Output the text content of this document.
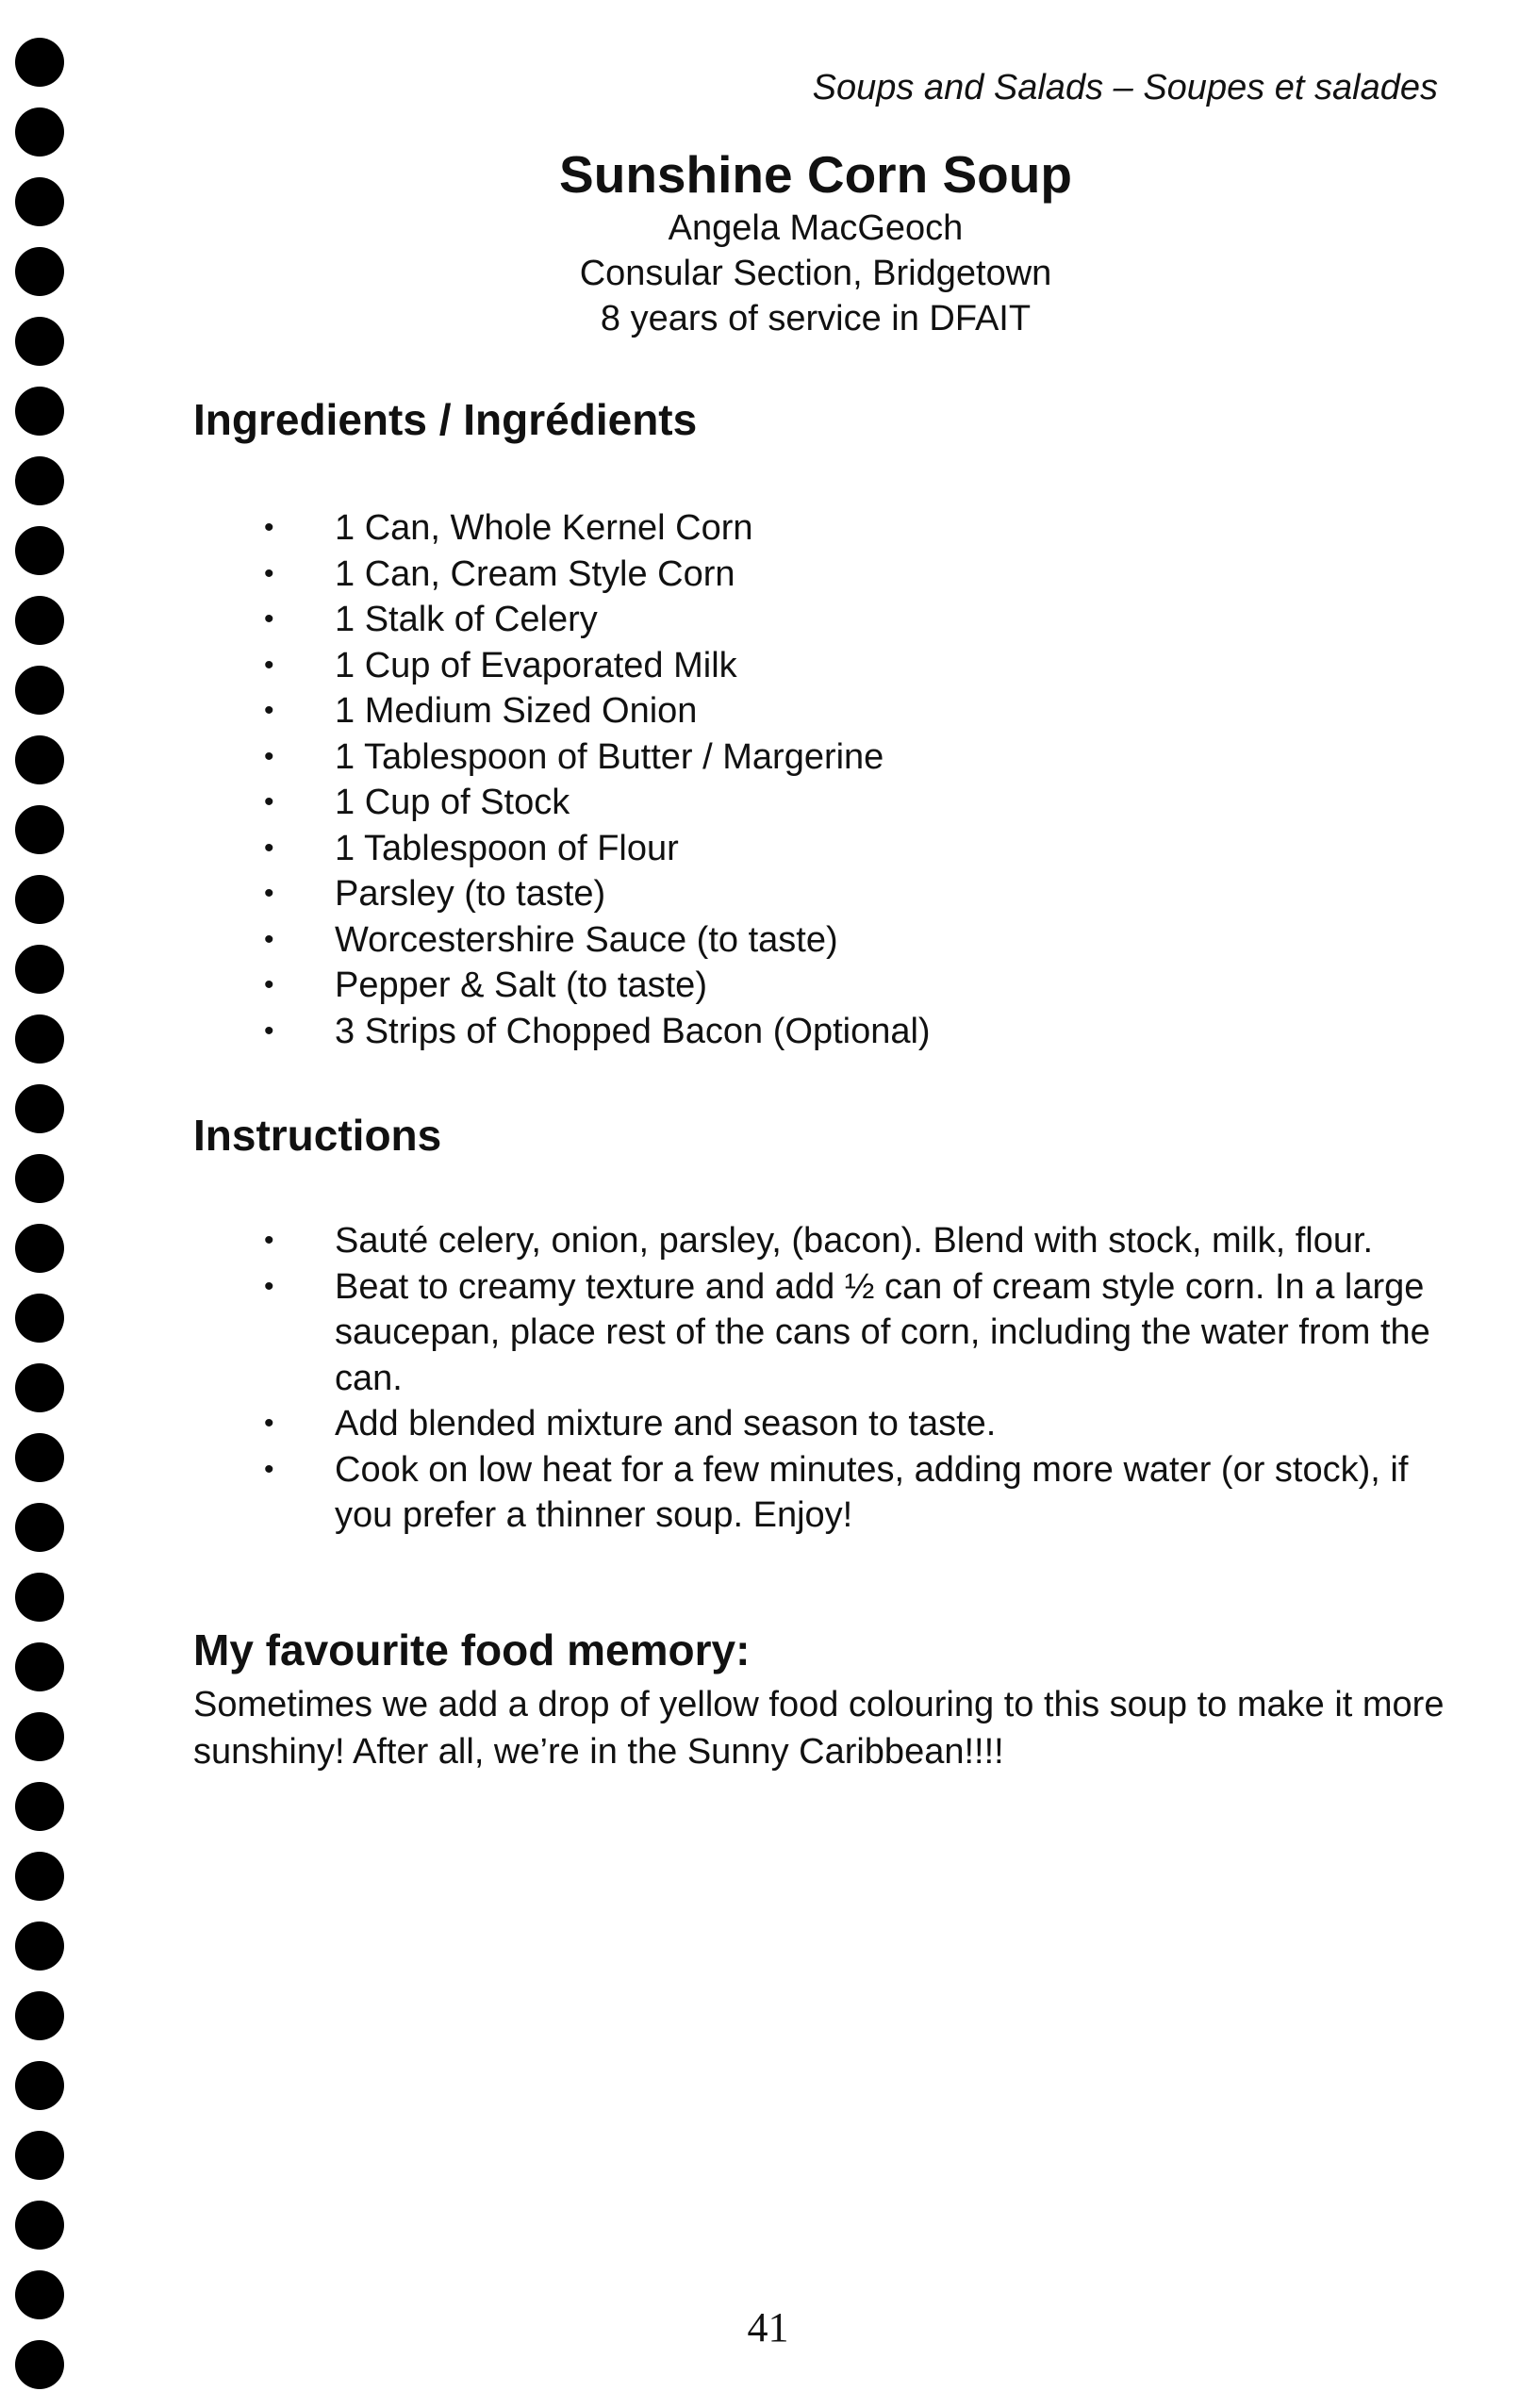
Soups and Salads – Soupes et salades
Sunshine Corn Soup

Angela MacGeoch

Consular Section, Bridgetown

8 years of service in DFAIT

Ingredients / Ingrédients
• 1 Can, Whole Kernel Corn
• 1 Can, Cream Style Corn
• 1 Stalk of Celery
• 1 Cup of Evaporated Milk
• 1 Medium Sized Onion
• 1 Tablespoon of Butter / Margerine
• 1 Cup of Stock
• 1 Tablespoon of Flour
• Parsley (to taste)
• Worcestershire Sauce (to taste)
• Pepper & Salt (to taste)
• 3 Strips of Chopped Bacon (Optional)
Instructions
• Sauté celery, onion, parsley, (bacon). Blend with stock, milk, flour.
• Beat to creamy texture and add ½ can of cream style corn. In a large saucepan, place rest of the cans of corn, including the water from the can.
• Add blended mixture and season to taste.
• Cook on low heat for a few minutes, adding more water (or stock), if you prefer a thinner soup. Enjoy!
My favourite food memory:

Sometimes we add a drop of yellow food colouring to this soup to make it more sunshiny! After all, we’re in the Sunny Caribbean!!!!

41
